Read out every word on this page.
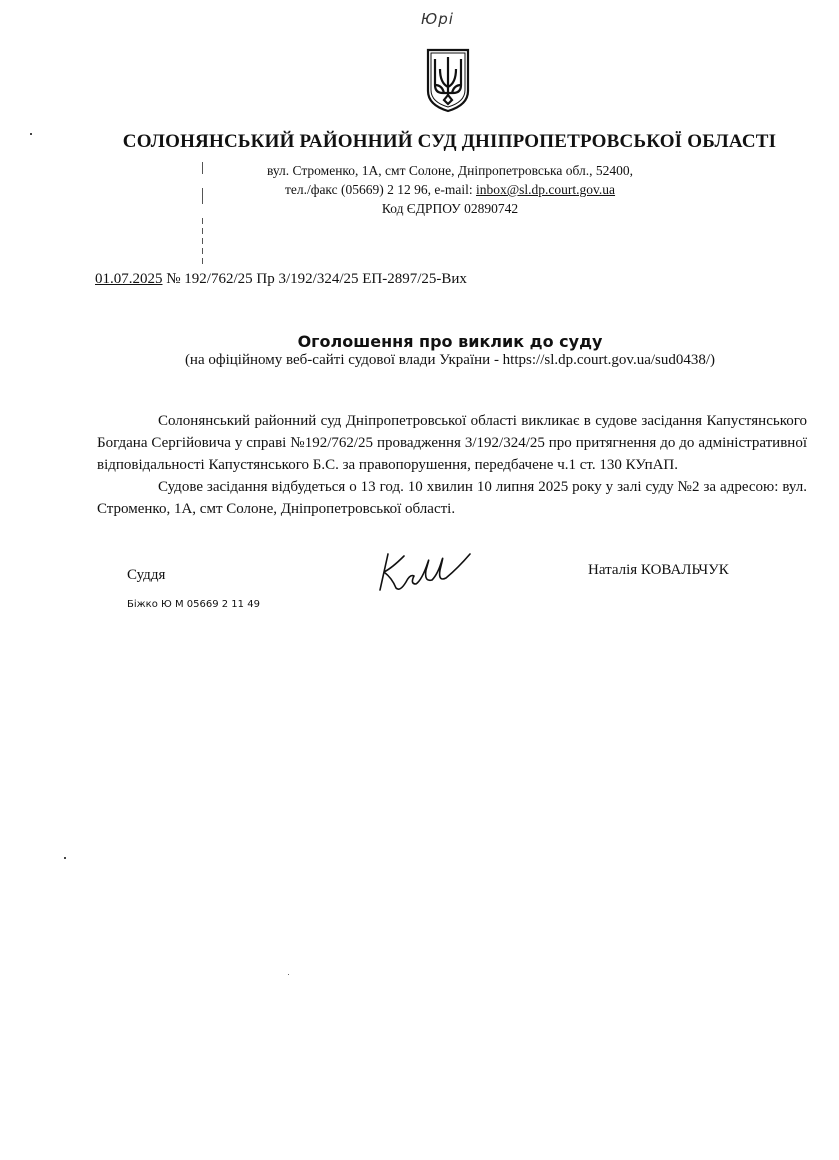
Юрі
СОЛОНЯНСЬКИЙ РАЙОННИЙ СУД ДНІПРОПЕТРОВСЬКОЇ ОБЛАСТІ
вул. Строменко, 1А, смт Солоне, Дніпропетровська обл., 52400,
тел./факс (05669) 2 12 96, e-mail: inbox@sl.dp.court.gov.ua
Код ЄДРПОУ 02890742
01.07.2025 № 192/762/25 Пр 3/192/324/25 ЕП-2897/25-Вих
Оголошення про виклик до суду
(на офіційному веб-сайті судової влади України - https://sl.dp.court.gov.ua/sud0438/)

Солонянський районний суд Дніпропетровської області викликає в судове засідання Капустянського Богдана Сергійовича у справі №192/762/25 провадження 3/192/324/25 про притягнення до до адміністративної відповідальності Капустянського Б.С. за правопорушення, передбачене ч.1 ст. 130 КУпАП.

Судове засідання відбудеться о 13 год. 10 хвилин 10 липня 2025 року у залі суду №2 за адресою: вул. Строменко, 1А, смт Солоне, Дніпропетровської області.

Суддя	Наталія КОВАЛЬЧУК
Біжко Ю М 05669 2 11 49
